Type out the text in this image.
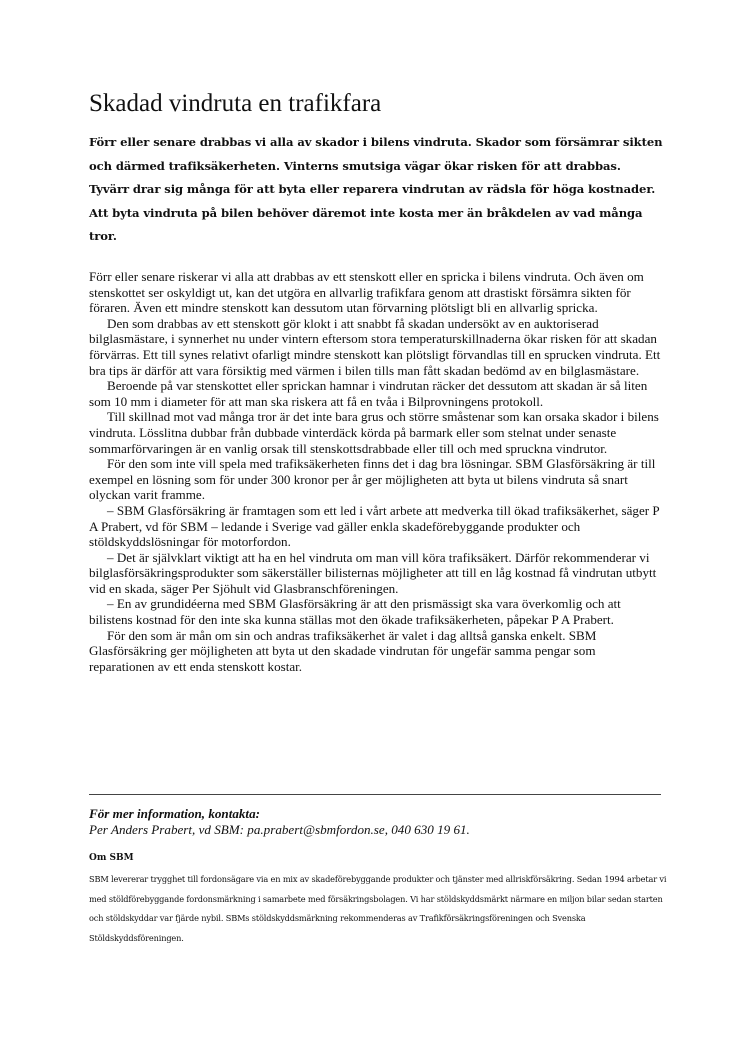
Skadad vindruta en trafikfara

Förr eller senare drabbas vi alla av skador i bilens vindruta. Skador som försämrar sikten och därmed trafiksäkerheten. Vinterns smutsiga vägar ökar risken för att drabbas. Tyvärr drar sig många för att byta eller reparera vindrutan av rädsla för höga kostnader. Att byta vindruta på bilen behöver däremot inte kosta mer än bråkdelen av vad många tror.

Förr eller senare riskerar vi alla att drabbas av ett stenskott eller en spricka i bilens vindruta. Och även om stenskottet ser oskyldigt ut, kan det utgöra en allvarlig trafikfara genom att drastiskt försämra sikten för föraren. Även ett mindre stenskott kan dessutom utan förvarning plötsligt bli en allvarlig spricka.

Den som drabbas av ett stenskott gör klokt i att snabbt få skadan undersökt av en auktoriserad bilglasmästare, i synnerhet nu under vintern eftersom stora temperaturskillnaderna ökar risken för att skadan förvärras. Ett till synes relativt ofarligt mindre stenskott kan plötsligt förvandlas till en sprucken vindruta. Ett bra tips är därför att vara försiktig med värmen i bilen tills man fått skadan bedömd av en bilglasmästare.

Beroende på var stenskottet eller sprickan hamnar i vindrutan räcker det dessutom att skadan är så liten som 10 mm i diameter för att man ska riskera att få en tvåa i Bilprovningens protokoll.

Till skillnad mot vad många tror är det inte bara grus och större småstenar som kan orsaka skador i bilens vindruta. Lösslitna dubbar från dubbade vinterdäck körda på barmark eller som stelnat under senaste sommarförvaringen är en vanlig orsak till stenskottsdrabbade eller till och med spruckna vindrutor.

För den som inte vill spela med trafiksäkerheten finns det i dag bra lösningar. SBM Glasförsäkring är till exempel en lösning som för under 300 kronor per år ger möjligheten att byta ut bilens vindruta så snart olyckan varit framme.

– SBM Glasförsäkring är framtagen som ett led i vårt arbete att medverka till ökad trafiksäkerhet, säger P A Prabert, vd för SBM – ledande i Sverige vad gäller enkla skadeförebyggande produkter och stöldskyddslösningar för motorfordon.

– Det är självklart viktigt att ha en hel vindruta om man vill köra trafiksäkert. Därför rekommenderar vi bilglasförsäkringsprodukter som säkerställer bilisternas möjligheter att till en låg kostnad få vindrutan utbytt vid en skada, säger Per Sjöhult vid Glasbranschföreningen.

– En av grundidéerna med SBM Glasförsäkring är att den prismässigt ska vara överkomlig och att bilistens kostnad för den inte ska kunna ställas mot den ökade trafiksäkerheten, påpekar P A Prabert.

För den som är mån om sin och andras trafiksäkerhet är valet i dag alltså ganska enkelt. SBM Glasförsäkring ger möjligheten att byta ut den skadade vindrutan för ungefär samma pengar som reparationen av ett enda stenskott kostar.

För mer information, kontakta:
Per Anders Prabert, vd SBM: pa.prabert@sbmfordon.se, 040 630 19 61.
Om SBM
SBM levererar trygghet till fordonsägare via en mix av skadeförebyggande produkter och tjänster med allriskförsäkring. Sedan 1994 arbetar vi med stöldförebyggande fordonsmärkning i samarbete med försäkringsbolagen. Vi har stöldskyddsmärkt närmare en miljon bilar sedan starten och stöldskyddar var fjärde nybil. SBMs stöldskyddsmärkning rekommenderas av Trafikförsäkringsföreningen och Svenska Stöldskyddsföreningen.
